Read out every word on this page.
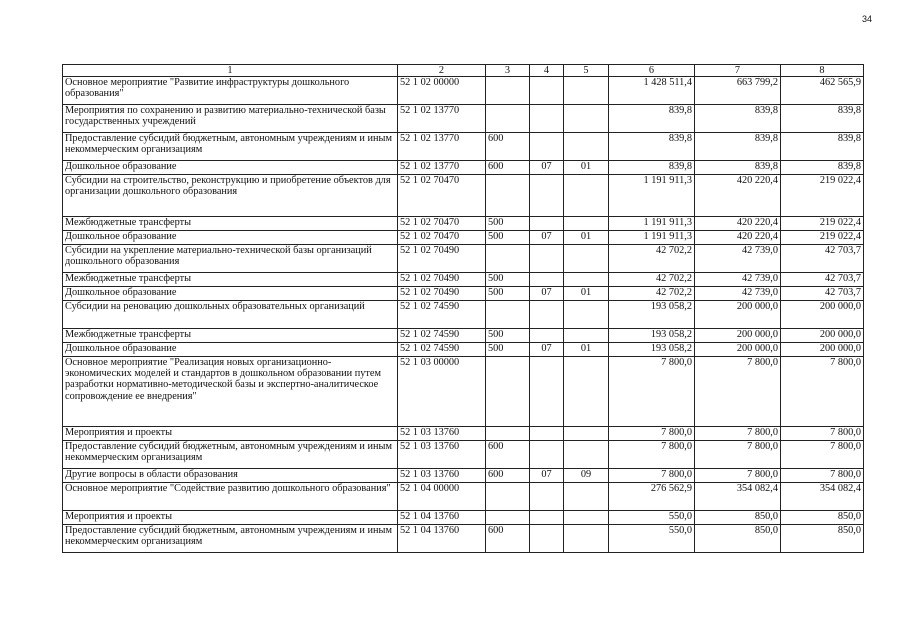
34
1	2	3	4	5	6	7	8
Основное мероприятие "Развитие инфраструктуры дошкольного образования"	52 1 02 00000				1 428 511,4	663 799,2	462 565,9
Мероприятия по сохранению и развитию материально-технической базы государственных учреждений	52 1 02 13770				839,8	839,8	839,8
Предоставление субсидий бюджетным, автономным учреждениям и иным некоммерческим организациям	52 1 02 13770	600			839,8	839,8	839,8
Дошкольное образование	52 1 02 13770	600	07	01	839,8	839,8	839,8
Субсидии на строительство, реконструкцию и приобретение объектов для организации дошкольного образования	52 1 02 70470				1 191 911,3	420 220,4	219 022,4
Межбюджетные трансферты	52 1 02 70470	500			1 191 911,3	420 220,4	219 022,4
Дошкольное образование	52 1 02 70470	500	07	01	1 191 911,3	420 220,4	219 022,4
Субсидии на укрепление материально-технической базы организаций дошкольного образования	52 1 02 70490				42 702,2	42 739,0	42 703,7
Межбюджетные трансферты	52 1 02 70490	500			42 702,2	42 739,0	42 703,7
Дошкольное образование	52 1 02 70490	500	07	01	42 702,2	42 739,0	42 703,7
Субсидии на реновацию дошкольных образовательных организаций	52 1 02 74590				193 058,2	200 000,0	200 000,0
Межбюджетные трансферты	52 1 02 74590	500			193 058,2	200 000,0	200 000,0
Дошкольное образование	52 1 02 74590	500	07	01	193 058,2	200 000,0	200 000,0
Основное мероприятие "Реализация новых организационно-экономических моделей и стандартов в дошкольном образовании путем разработки нормативно-методической базы и экспертно-аналитическое сопровождение ее внедрения"	52 1 03 00000				7 800,0	7 800,0	7 800,0
Мероприятия и проекты	52 1 03 13760				7 800,0	7 800,0	7 800,0
Предоставление субсидий бюджетным, автономным учреждениям и иным некоммерческим организациям	52 1 03 13760	600			7 800,0	7 800,0	7 800,0
Другие вопросы в области образования	52 1 03 13760	600	07	09	7 800,0	7 800,0	7 800,0
Основное мероприятие "Содействие развитию дошкольного образования"	52 1 04 00000				276 562,9	354 082,4	354 082,4
Мероприятия и проекты	52 1 04 13760				550,0	850,0	850,0
Предоставление субсидий бюджетным, автономным учреждениям и иным некоммерческим организациям	52 1 04 13760	600			550,0	850,0	850,0
